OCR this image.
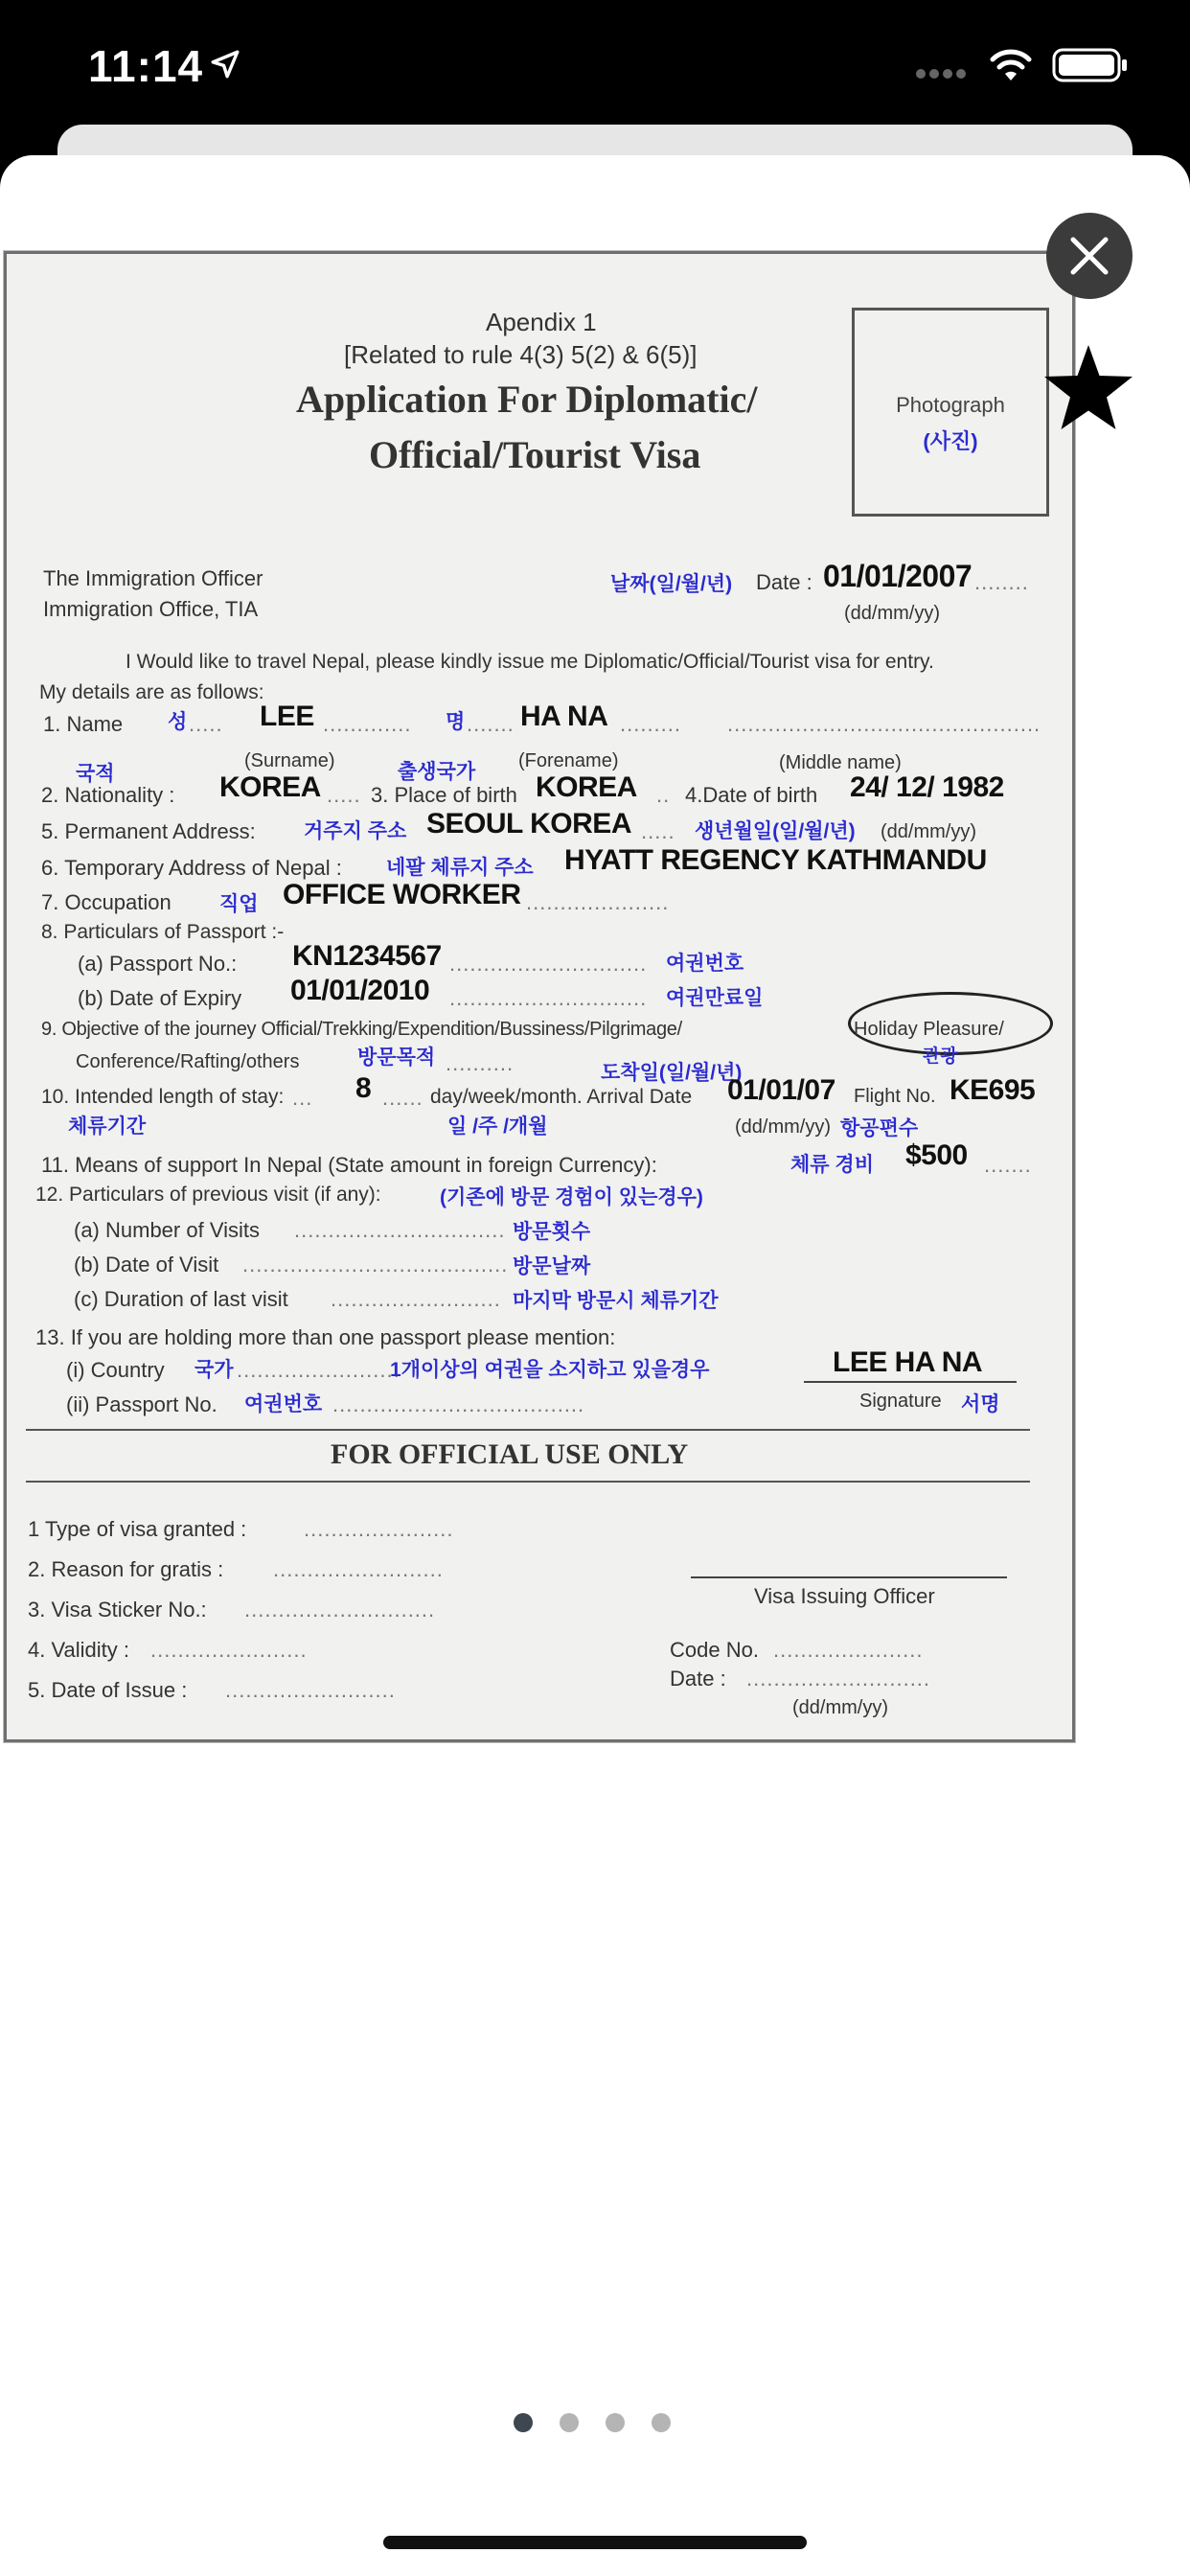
11:14
Apendix 1
[Related to rule 4(3) 5(2) & 6(5)]
Application For Diplomatic/
Official/Tourist Visa
Photograph
(사진)
The Immigration Officer
Immigration Office, TIA
날짜(일/월/년) Date : 01/01/2007 ........
(dd/mm/yy)
I Would like to travel Nepal, please kindly issue me Diplomatic/Official/Tourist visa for entry.
My details are as follows:
1. Name 성 ..... LEE ............. 명 ....... HA NA ......... ..............................................
(Surname)	(Forename)	(Middle name)
국적	출생국가
2. Nationality : KOREA ..... 3. Place of birth KOREA .. 4.Date of birth 24/ 12/ 1982
5. Permanent Address: 거주지 주소 SEOUL KOREA ..... 생년월일(일/월/년) (dd/mm/yy)
6. Temporary Address of Nepal : 네팔 체류지 주소 HYATT REGENCY KATHMANDU
7. Occupation 직업 OFFICE WORKER .....................
8. Particulars of Passport :-
(a) Passport No.: KN1234567 ............................. 여권번호
(b) Date of Expiry 01/01/2010 ............................. 여권만료일
9. Objective of the journey Official/Trekking/Expendition/Bussiness/Pilgrimage/	Holiday Pleasure/
관광
Conference/Rafting/others	방문목적 ..........	도착일(일/월/년)
10. Intended length of stay: ... 8 ...... day/week/month. Arrival Date 01/01/07 Flight No. KE695
체류기간	일 /주 /개월	(dd/mm/yy) 항공편수
11. Means of support In Nepal (State amount in foreign Currency):	체류 경비 $500 .......
12. Particulars of previous visit (if any):	(기존에 방문 경험이 있는경우)
(a) Number of Visits ............................... 방문횟수
(b) Date of Visit ....................................... 방문날짜
(c) Duration of last visit ......................... 마지막 방문시 체류기간
13. If you are holding more than one passport please mention:
(i) Country 국가 ........................
1개이상의 여권을 소지하고 있을경우
(ii) Passport No. 여권번호 .....................................
LEE HA NA
Signature 서명
FOR OFFICIAL USE ONLY
1 Type of visa granted :	......................
2. Reason for gratis : .........................
3. Visa Sticker No.: ............................
4. Validity : .......................
5. Date of Issue : .........................
Visa Issuing Officer
Code No. ......................
Date : ...........................
(dd/mm/yy)
